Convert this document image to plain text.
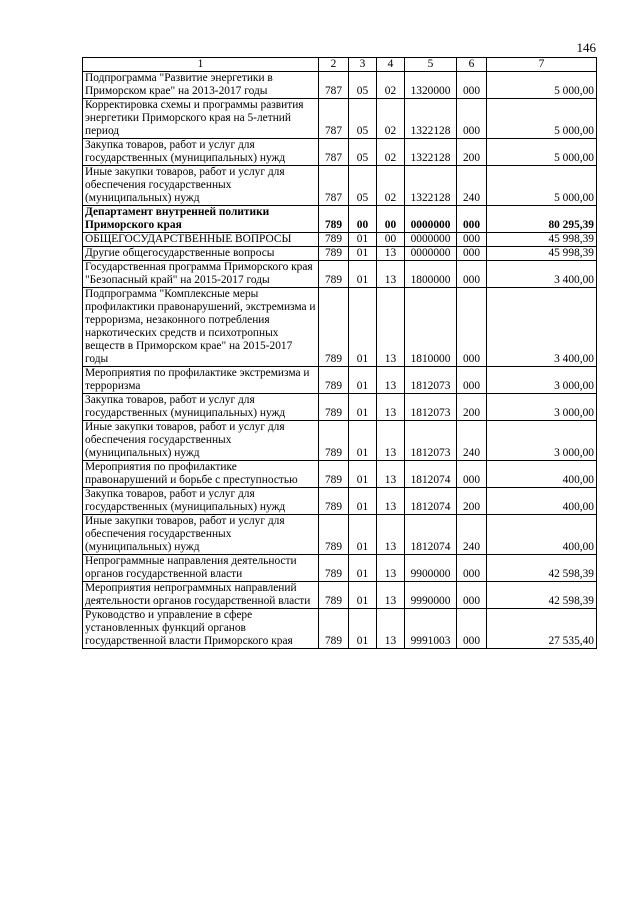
146
1	2	3	4	5	6	7
Подпрограмма "Развитие энергетики в Приморском крае" на 2013-2017 годы	787	05	02	1320000	000	5 000,00
Корректировка схемы и программы развития энергетики Приморского края на 5-летний период	787	05	02	1322128	000	5 000,00
Закупка товаров, работ и услуг для государственных (муниципальных) нужд	787	05	02	1322128	200	5 000,00
Иные закупки товаров, работ и услуг для обеспечения государственных (муниципальных) нужд	787	05	02	1322128	240	5 000,00
Департамент внутренней политики Приморского края	789	00	00	0000000	000	80 295,39
ОБЩЕГОСУДАРСТВЕННЫЕ ВОПРОСЫ	789	01	00	0000000	000	45 998,39
Другие общегосударственные вопросы	789	01	13	0000000	000	45 998,39
Государственная программа Приморского края "Безопасный край" на 2015-2017 годы	789	01	13	1800000	000	3 400,00
Подпрограмма "Комплексные меры профилактики правонарушений, экстремизма и терроризма, незаконного потребления наркотических средств и психотропных веществ в Приморском крае" на 2015-2017 годы	789	01	13	1810000	000	3 400,00
Мероприятия по профилактике экстремизма и терроризма	789	01	13	1812073	000	3 000,00
Закупка товаров, работ и услуг для государственных (муниципальных) нужд	789	01	13	1812073	200	3 000,00
Иные закупки товаров, работ и услуг для обеспечения государственных (муниципальных) нужд	789	01	13	1812073	240	3 000,00
Мероприятия по профилактике правонарушений и борьбе с преступностью	789	01	13	1812074	000	400,00
Закупка товаров, работ и услуг для государственных (муниципальных) нужд	789	01	13	1812074	200	400,00
Иные закупки товаров, работ и услуг для обеспечения государственных (муниципальных) нужд	789	01	13	1812074	240	400,00
Непрограммные направления деятельности органов государственной власти	789	01	13	9900000	000	42 598,39
Мероприятия непрограммных направлений деятельности органов государственной власти	789	01	13	9990000	000	42 598,39
Руководство и управление в сфере установленных функций органов государственной власти Приморского края	789	01	13	9991003	000	27 535,40
